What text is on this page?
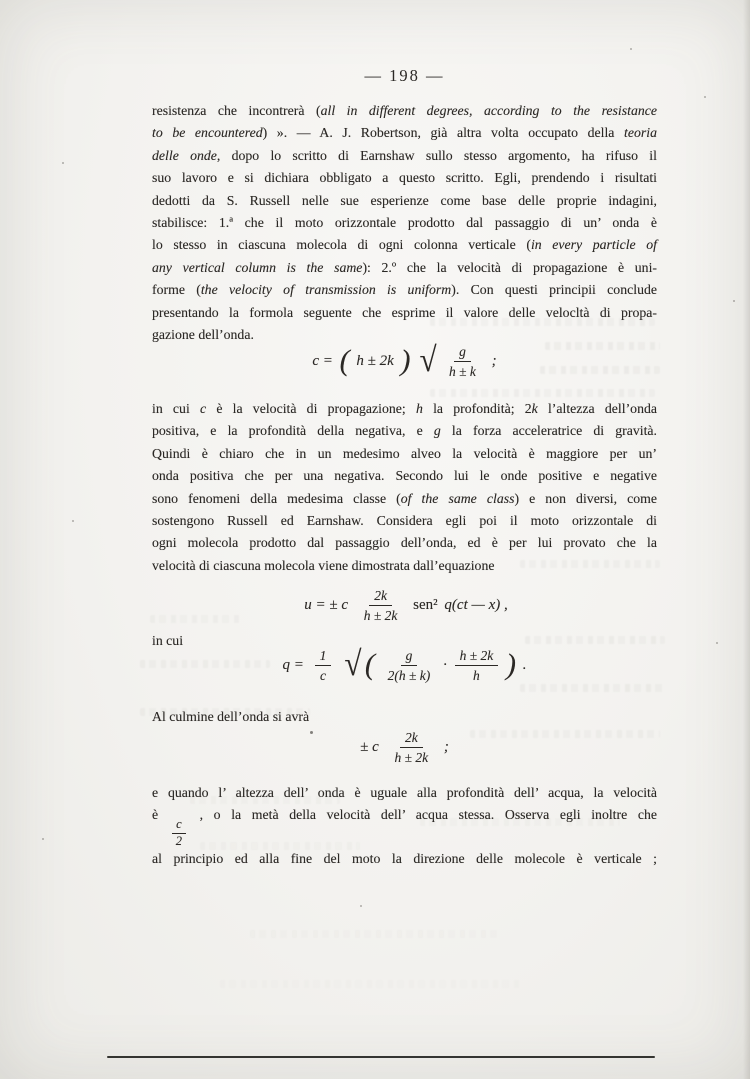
— 198 —
resistenza che incontrerà (all in different degrees, according to the resistance
to be encountered) ». — A. J. Robertson, già altra volta occupato della teoria
delle onde, dopo lo scritto di Earnshaw sullo stesso argomento, ha rifuso il
suo lavoro e si dichiara obbligato a questo scritto. Egli, prendendo i risultati
dedotti da S. Russell nelle sue esperienze come base delle proprie indagini,
stabilisce: 1.ª che il moto orizzontale prodotto dal passaggio di un’ onda è
lo stesso in ciascuna molecola di ogni colonna verticale (in every particle of
any vertical column is the same): 2.º che la velocità di propagazione è uni-
forme (the velocity of transmission is uniform). Con questi principii conclude
presentando la formola seguente che esprime il valore delle velocltà di propa-
gazione dell’onda.
c = ( h ± 2k ) √ $\frac{g}{h \pm k}$ ;
in cui c è la velocità di propagazione; h la profondità; 2k l’altezza dell’onda
positiva, e la profondità della negativa, e g la forza acceleratrice di gravità.
Quindi è chiaro che in un medesimo alveo la velocità è maggiore per un’
onda positiva che per una negativa. Secondo lui le onde positive e negative
sono fenomeni della medesima classe (of the same class) e non diversi, come
sostengono Russell ed Earnshaw. Considera egli poi il moto orizzontale di
ogni molecola prodotto dal passaggio dell’onda, ed è per lui provato che la
velocità di ciascuna molecola viene dimostrata dall’equazione
u = ± c $\frac{2k}{h \pm 2k} sen^2$ q(ct — x) ,
in cui
$q = \frac{1}{c}$ √ ( $\frac{g}{2(h \pm k)} \cdot \frac{h \pm 2k}{h}$ ) .
Al culmine dell’onda si avrà
± c $\frac{2k}{h \pm 2k}$ ;
e quando l’ altezza dell’ onda è uguale alla profondità dell’ acqua, la velocità
è
$\frac{c}{2}$
, o la metà della velocità dell’ acqua stessa. Osserva egli inoltre che
al principio ed alla fine del moto la direzione delle molecole è verticale ;
